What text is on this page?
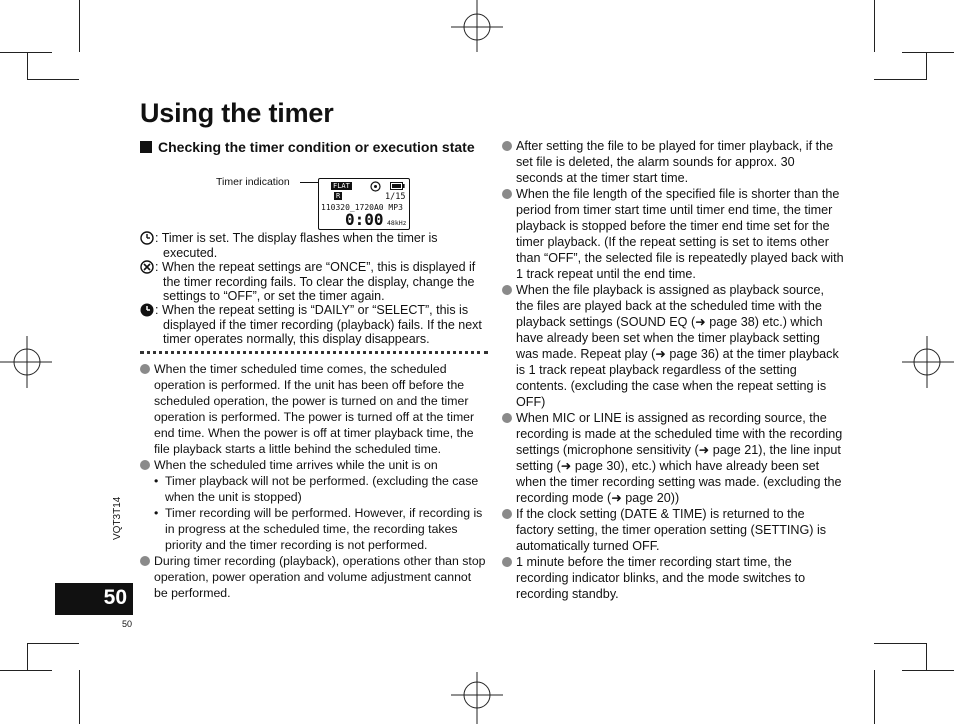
Using the timer
Checking the timer condition or execution state
Timer indication	FLAT
R	1/15
110320_1720A0 MP3
0:00 48kHz
: Timer is set. The display flashes when the timer is executed.
: When the repeat settings are “ONCE”, this is displayed if the timer recording fails. To clear the display, change the settings to “OFF”, or set the timer again.
: When the repeat setting is “DAILY” or “SELECT”, this is displayed if the timer recording (playback) fails. If the next timer operates normally, this display disappears.
When the timer scheduled time comes, the scheduled operation is performed. If the unit has been off before the scheduled operation, the power is turned on and the timer operation is performed. The power is turned off at the timer end time. When the power is off at timer playback time, the file playback starts a little behind the scheduled time.
When the scheduled time arrives while the unit is on
• Timer playback will not be performed. (excluding the case when the unit is stopped)
• Timer recording will be performed. However, if recording is in progress at the scheduled time, the recording takes priority and the timer recording is not performed.
During timer recording (playback), operations other than stop operation, power operation and volume adjustment cannot be performed.
After setting the file to be played for timer playback, if the set file is deleted, the alarm sounds for approx. 30 seconds at the timer start time.
When the file length of the specified file is shorter than the period from timer start time until timer end time, the timer playback is stopped before the timer end time set for the timer playback. (If the repeat setting is set to items other than “OFF”, the selected file is repeatedly played back with 1 track repeat until the end time.
When the file playback is assigned as playback source, the files are played back at the scheduled time with the playback settings (SOUND EQ (➜ page 38) etc.) which have already been set when the timer playback setting was made. Repeat play (➜ page 36) at the timer playback is 1 track repeat playback regardless of the setting contents. (excluding the case when the repeat setting is OFF)
When MIC or LINE is assigned as recording source, the recording is made at the scheduled time with the recording settings (microphone sensitivity (➜ page 21), the line input setting (➜ page 30), etc.) which have already been set when the timer recording setting was made. (excluding the recording mode (➜ page 20))
If the clock setting (DATE & TIME) is returned to the factory setting, the timer operation setting (SETTING) is automatically turned OFF.
1 minute before the timer recording start time, the recording indicator blinks, and the mode switches to recording standby.
VQT3T14
50
50
